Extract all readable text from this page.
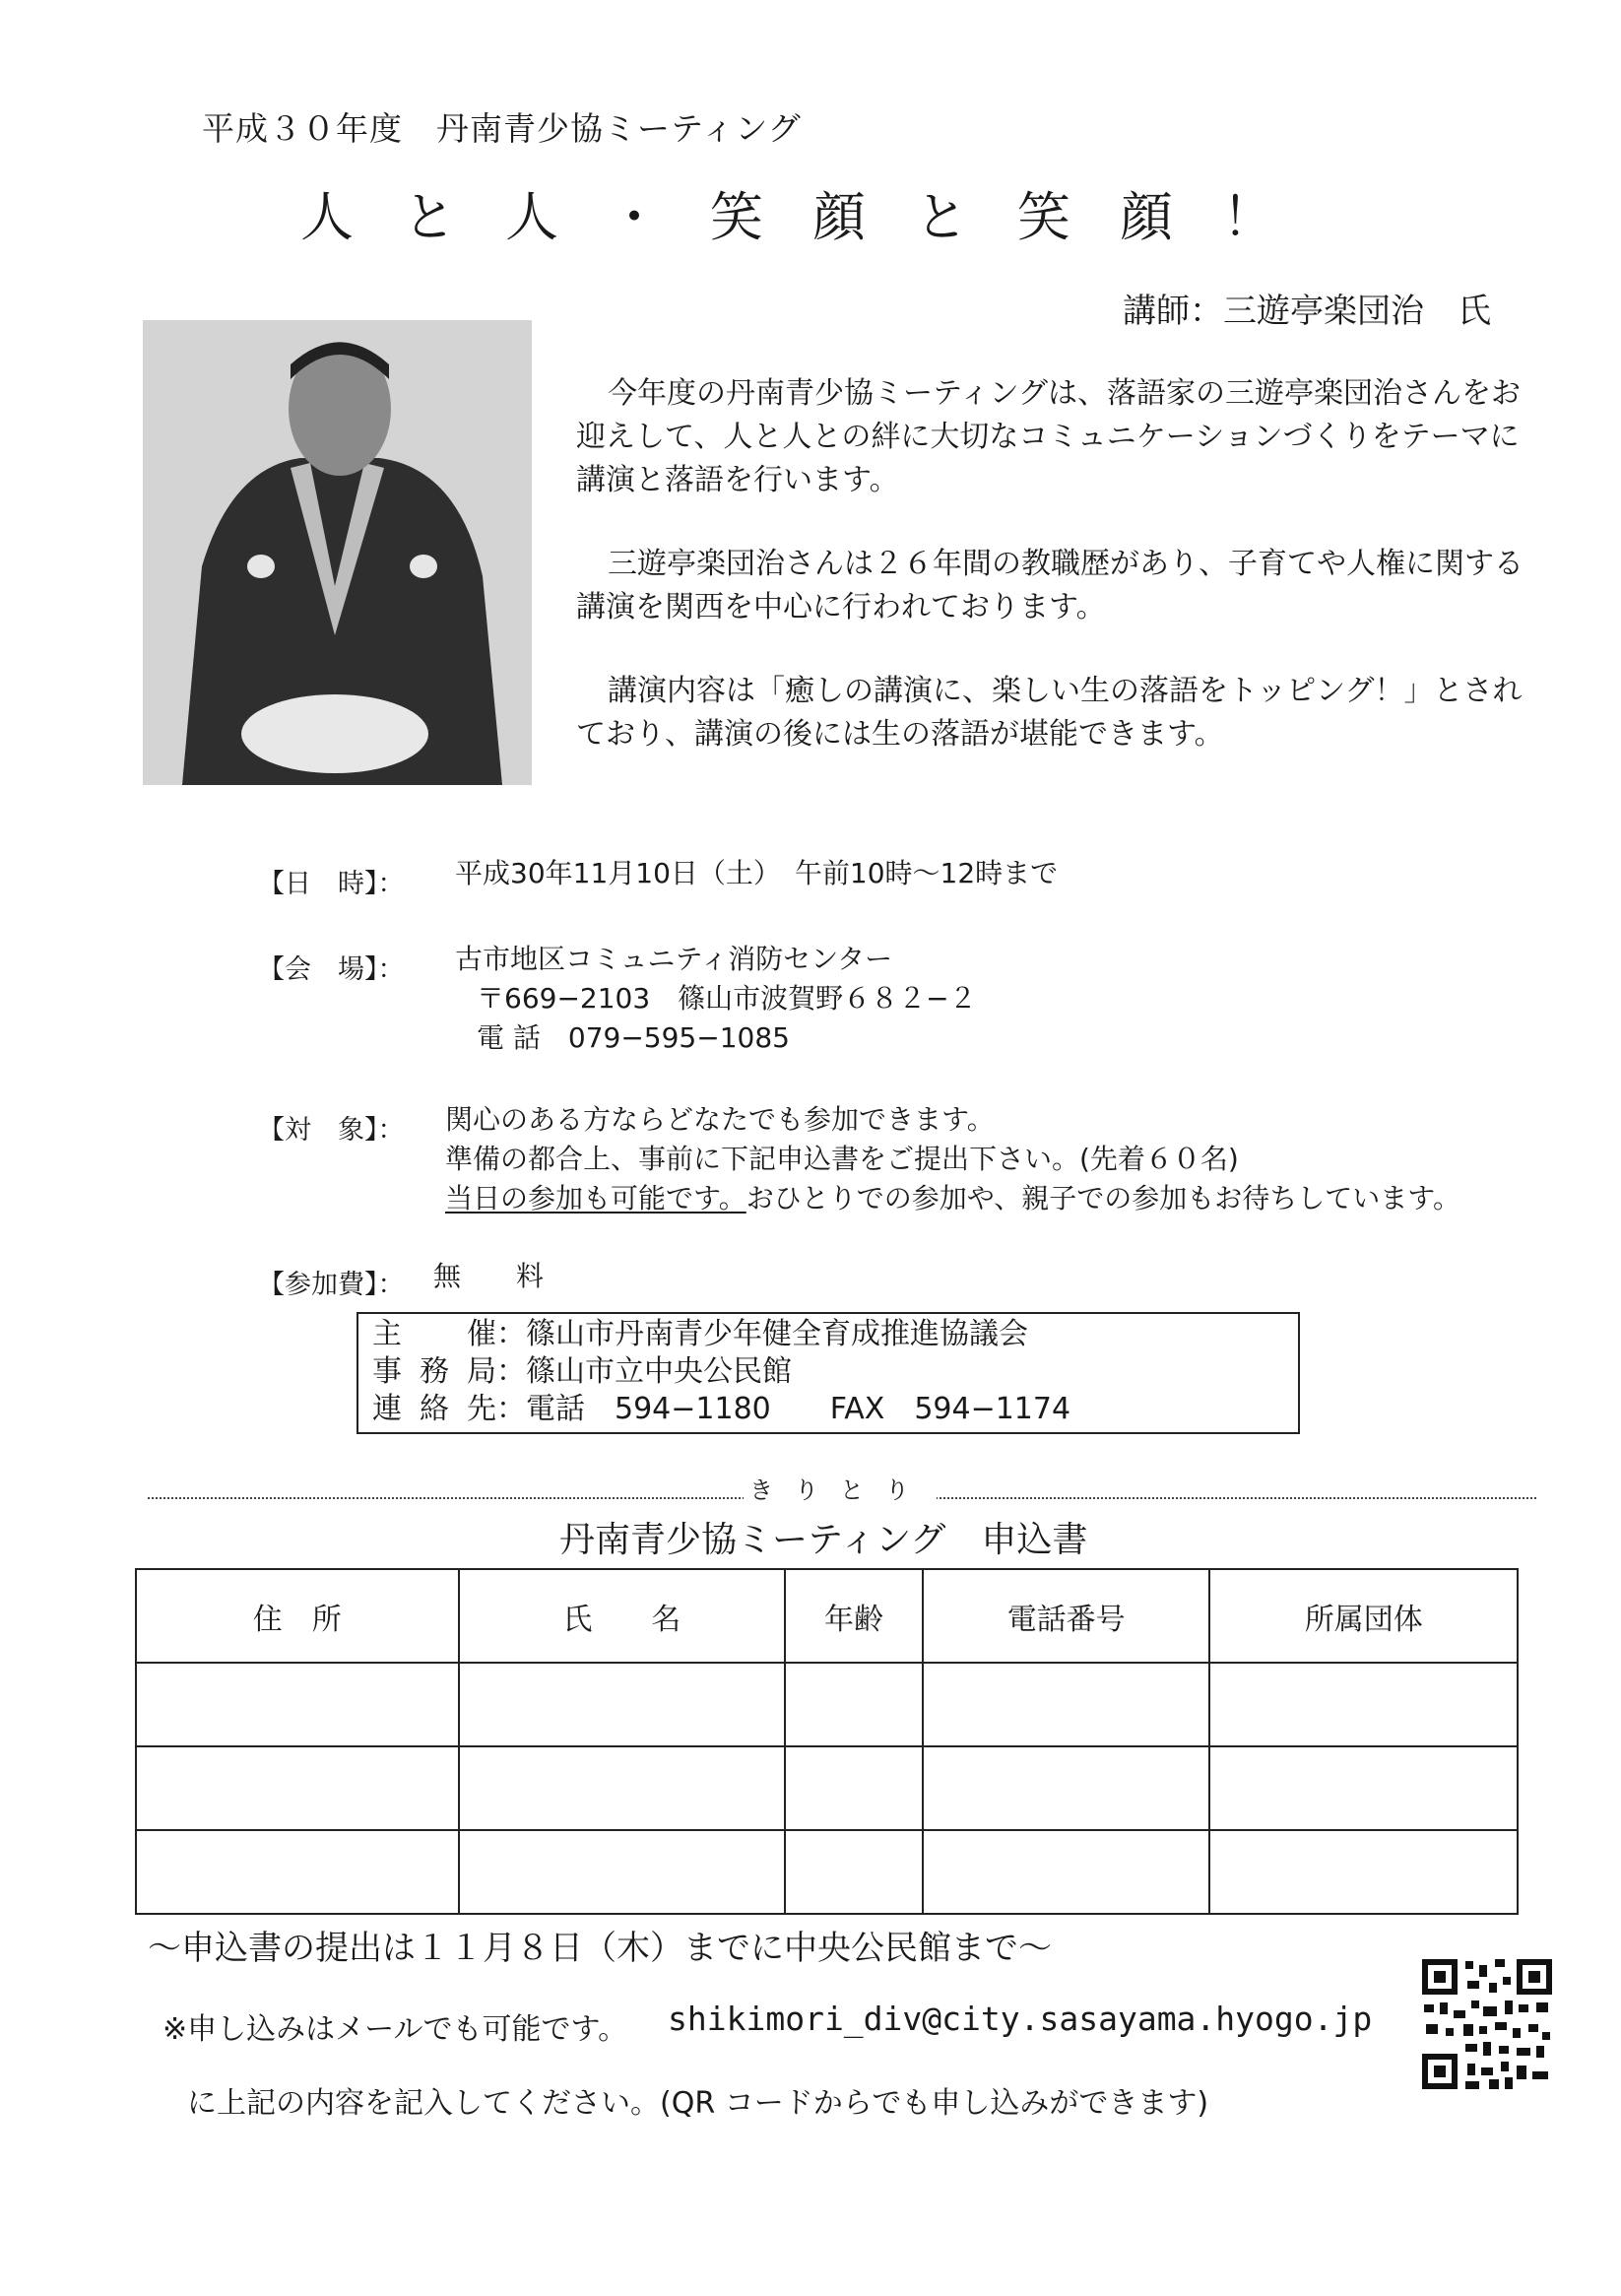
平成３０年度　丹南青少協ミーティング
人と人・笑顔と笑顔！
講師：三遊亭楽団治　氏

今年度の丹南青少協ミーティングは、落語家の三遊亭楽団治さんをお迎えして、人と人との絆に大切なコミュニケーションづくりをテーマに講演と落語を行います。

三遊亭楽団治さんは２６年間の教職歴があり、子育てや人権に関する講演を関西を中心に行われております。

講演内容は「癒しの講演に、楽しい生の落語をトッピング！」とされており、講演の後には生の落語が堪能できます。

【日　時】： 平成30年11月10日（土）　午前10時～12時まで
【会　場】： 古市地区コミュニティ消防センター
〒669−2103　篠山市波賀野６８２−２
電 話　079−595−1085
【対　象】： 関心のある方ならどなたでも参加できます。
準備の都合上、事前に下記申込書をご提出下さい。(先着６０名)
当日の参加も可能です。おひとりでの参加や、親子での参加もお待ちしています。
【参加費】： 無　　料
主催：篠山市丹南青少年健全育成推進協議会
事務局：篠山市立中央公民館
連絡先：電話　594−1180　　FAX　594−1174
きりとり
丹南青少協ミーティング　申込書
住　所	氏　　名	年齢	電話番号	所属団体

～申込書の提出は１１月８日（木）までに中央公民館まで～
※申し込みはメールでも可能です。 shikimori_div@city.sasayama.hyogo.jp
に上記の内容を記入してください。(QR コードからでも申し込みができます)
